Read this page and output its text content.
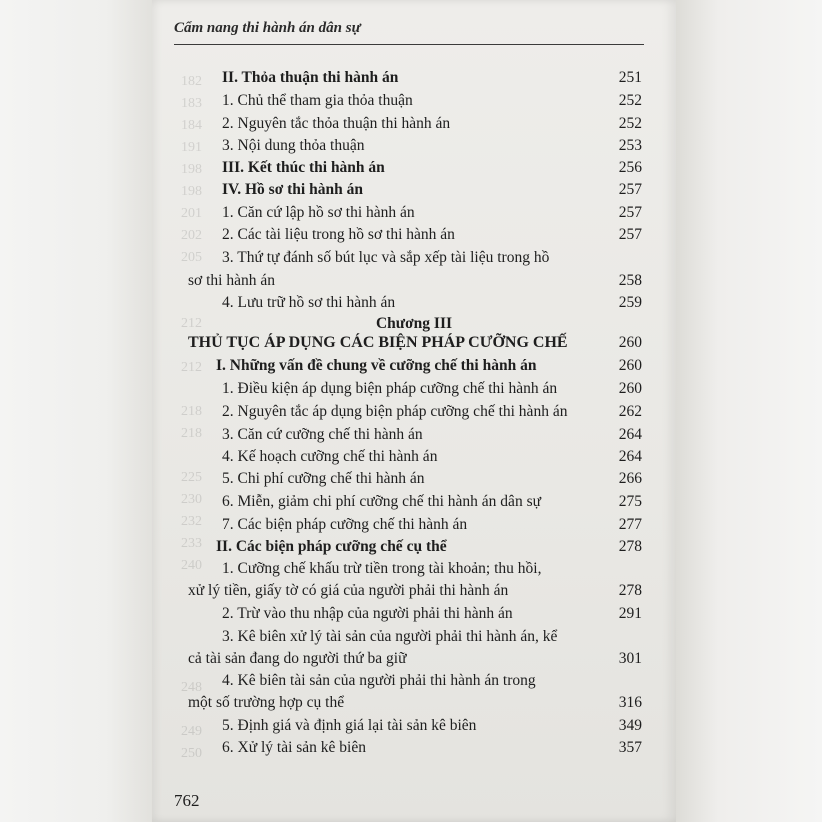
Cẩm nang thi hành án dân sự
182
183
184
191
198
198
201
202
205
212
212
218
218
225
230
232
233
240
248
249
250
II. Thỏa thuận thi hành án	251
1. Chủ thể tham gia thỏa thuận	252
2. Nguyên tắc thỏa thuận thi hành án	252
3. Nội dung thỏa thuận	253
III. Kết thúc thi hành án	256
IV. Hồ sơ thi hành án	257
1. Căn cứ lập hồ sơ thi hành án	257
2. Các tài liệu trong hồ sơ thi hành án	257
3. Thứ tự đánh số bút lục và sắp xếp tài liệu trong hồ
sơ thi hành án	258
4. Lưu trữ hồ sơ thi hành án	259
Chương III
THỦ TỤC ÁP DỤNG CÁC BIỆN PHÁP CƯỠNG CHẾ	260
I. Những vấn đề chung về cưỡng chế thi hành án	260
1. Điều kiện áp dụng biện pháp cưỡng chế thi hành án	260
2. Nguyên tắc áp dụng biện pháp cưỡng chế thi hành án	262
3. Căn cứ cưỡng chế thi hành án	264
4. Kế hoạch cưỡng chế thi hành án	264
5. Chi phí cưỡng chế thi hành án	266
6. Miễn, giảm chi phí cưỡng chế thi hành án dân sự	275
7. Các biện pháp cưỡng chế thi hành án	277
II. Các biện pháp cưỡng chế cụ thể	278
1. Cưỡng chế khấu trừ tiền trong tài khoản; thu hồi,
xử lý tiền, giấy tờ có giá của người phải thi hành án	278
2. Trừ vào thu nhập của người phải thi hành án	291
3. Kê biên xử lý tài sản của người phải thi hành án, kể
cả tài sản đang do người thứ ba giữ	301
4. Kê biên tài sản của người phải thi hành án trong
một số trường hợp cụ thể	316
5. Định giá và định giá lại tài sản kê biên	349
6. Xử lý tài sản kê biên	357
762
